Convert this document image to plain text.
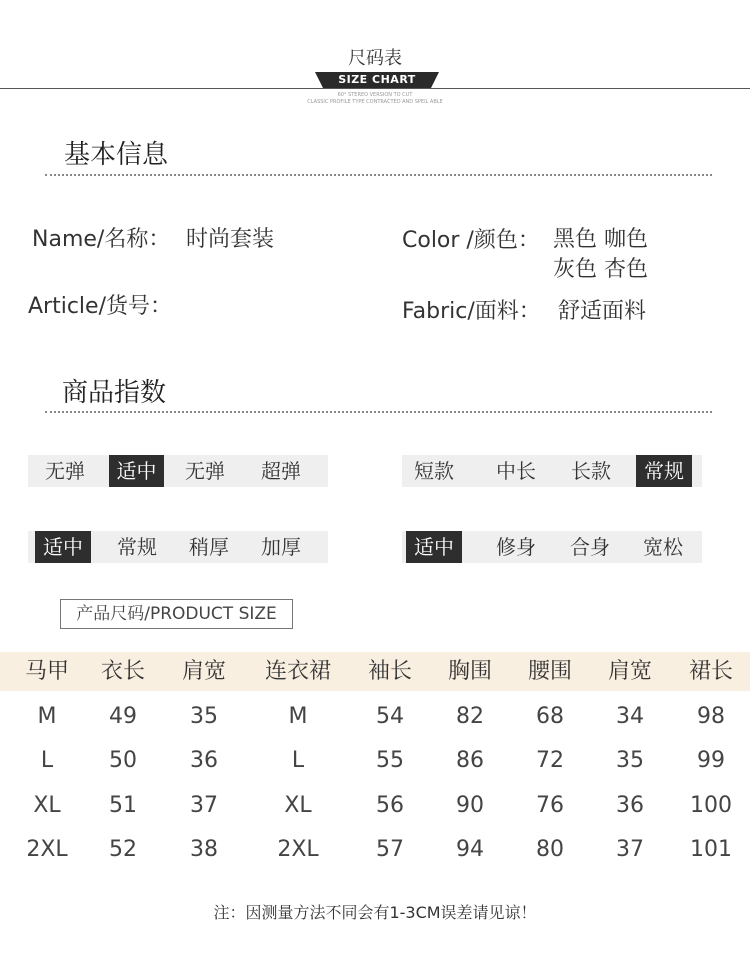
尺码表
SIZE CHART
60° STEREO VERSION TO CUT
CLASSIC PROFILE TYPE CONTRACTED AND SPEIL ABLE
基本信息
Name/名称： 时尚套装
Article/货号：
Color /颜色： 黑色 咖色
灰色 杏色
Fabric/面料： 舒适面料
商品指数
无弹	适中	无弹	超弹	短款	中长	长款	常规
适中	常规	稍厚	加厚	适中	修身	合身	宽松
产品尺码/PRODUCT SIZE
马甲	衣长	肩宽	连衣裙	袖长	胸围	腰围	肩宽	裙长
M	49	35	M	54	82	68	34	98
L	50	36	L	55	86	72	35	99
XL	51	37	XL	56	90	76	36	100
2XL	52	38	2XL	57	94	80	37	101
注：因测量方法不同会有1-3CM误差请见谅！
